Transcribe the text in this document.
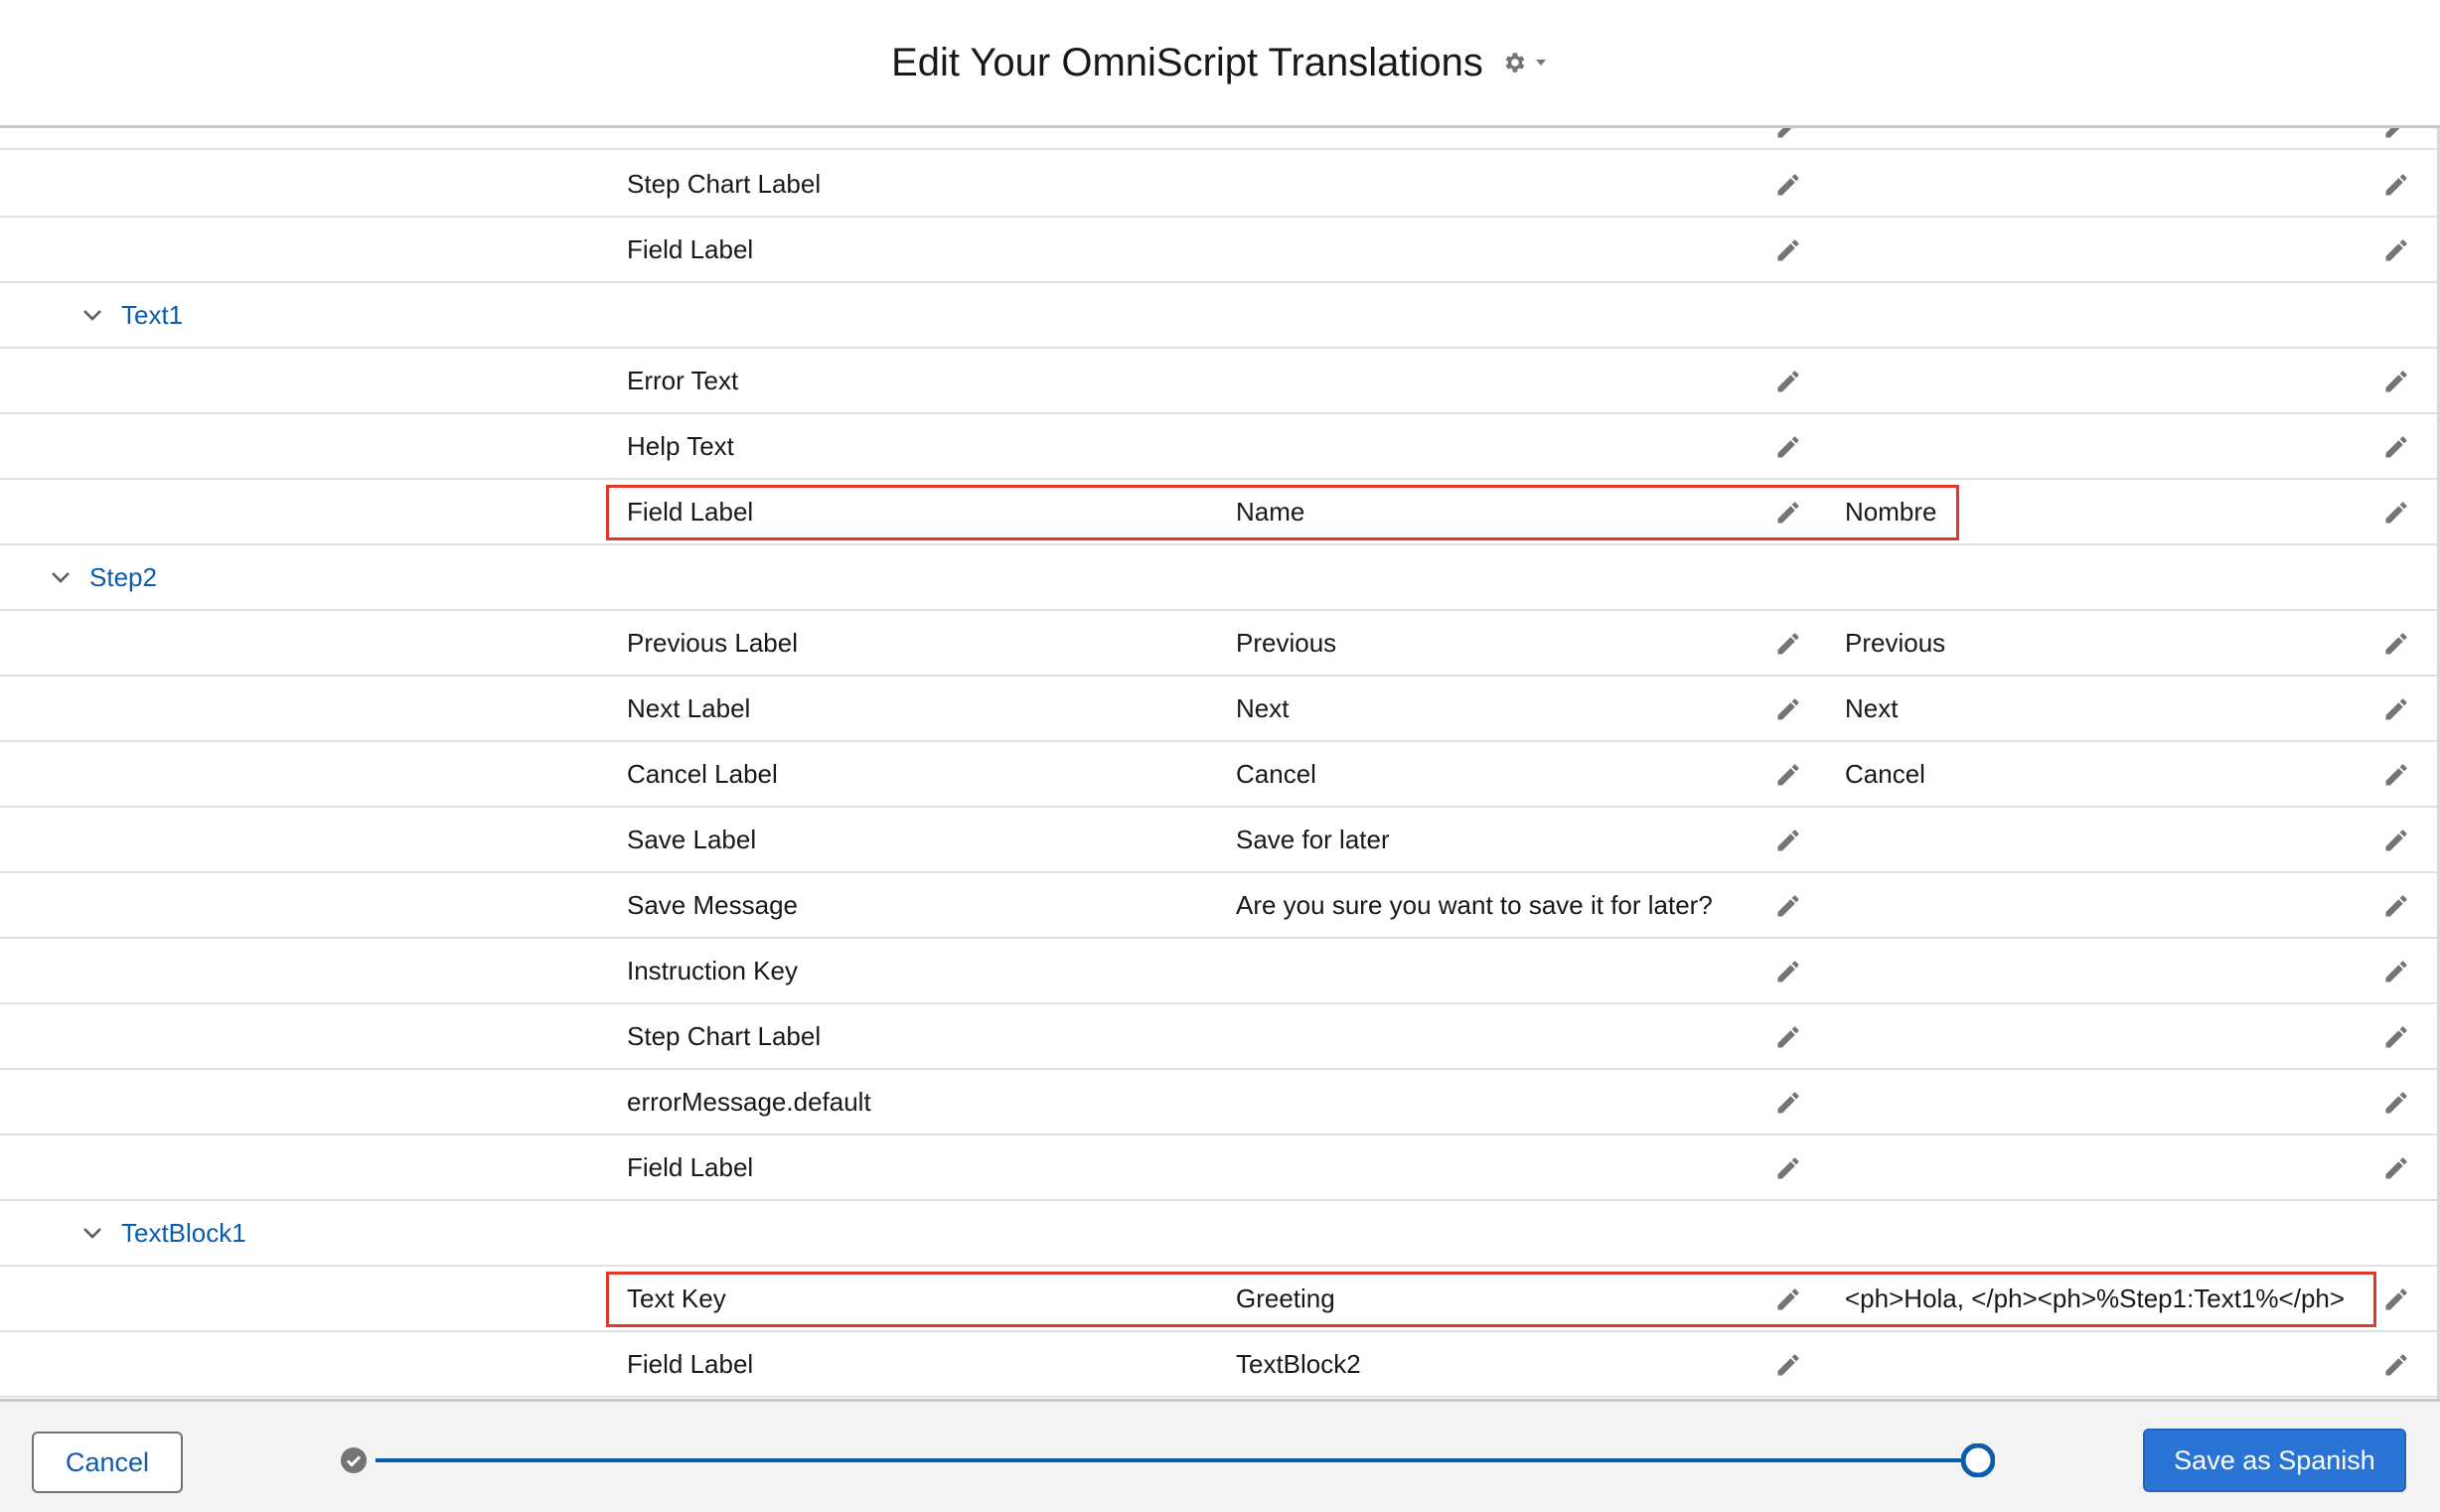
Edit Your OmniScript Translations
Step Chart Label
Field Label
Text1
Error Text
Help Text
Field Label	Name	Nombre
Step2
Previous Label	Previous	Previous
Next Label	Next	Next
Cancel Label	Cancel	Cancel
Save Label	Save for later
Save Message	Are you sure you want to save it for later?
Instruction Key
Step Chart Label
errorMessage.default
Field Label
TextBlock1
Text Key	Greeting	<ph>Hola, </ph><ph>%Step1:Text1%</ph>
Field Label	TextBlock2
Cancel	Save as Spanish
